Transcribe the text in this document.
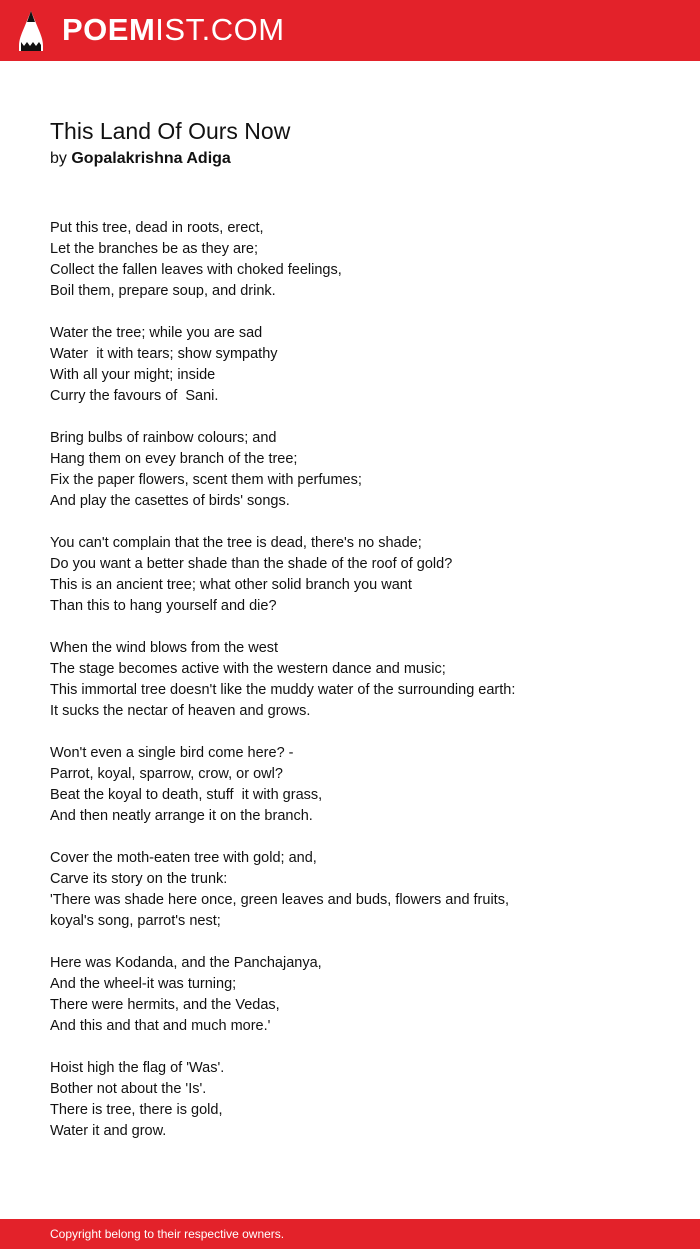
POEMIST.COM
This Land Of Ours Now
by Gopalakrishna Adiga
Put this tree, dead in roots, erect,
Let the branches be as they are;
Collect the fallen leaves with choked feelings,
Boil them, prepare soup, and drink.
Water the tree; while you are sad
Water  it with tears; show sympathy
With all your might; inside
Curry the favours of  Sani.
Bring bulbs of rainbow colours; and
Hang them on evey branch of the tree;
Fix the paper flowers, scent them with perfumes;
And play the casettes of birds' songs.
You can't complain that the tree is dead, there's no shade;
Do you want a better shade than the shade of the roof of gold?
This is an ancient tree; what other solid branch you want
Than this to hang yourself and die?
When the wind blows from the west
The stage becomes active with the western dance and music;
This immortal tree doesn't like the muddy water of the surrounding earth:
It sucks the nectar of heaven and grows.
Won't even a single bird come here? -
Parrot, koyal, sparrow, crow, or owl?
Beat the koyal to death, stuff  it with grass,
And then neatly arrange it on the branch.
Cover the moth-eaten tree with gold; and,
Carve its story on the trunk:
'There was shade here once, green leaves and buds, flowers and fruits,
koyal's song, parrot's nest;
Here was Kodanda, and the Panchajanya,
And the wheel-it was turning;
There were hermits, and the Vedas,
And this and that and much more.'
Hoist high the flag of 'Was'.
Bother not about the 'Is'.
There is tree, there is gold,
Water it and grow.
Copyright belong to their respective owners.
